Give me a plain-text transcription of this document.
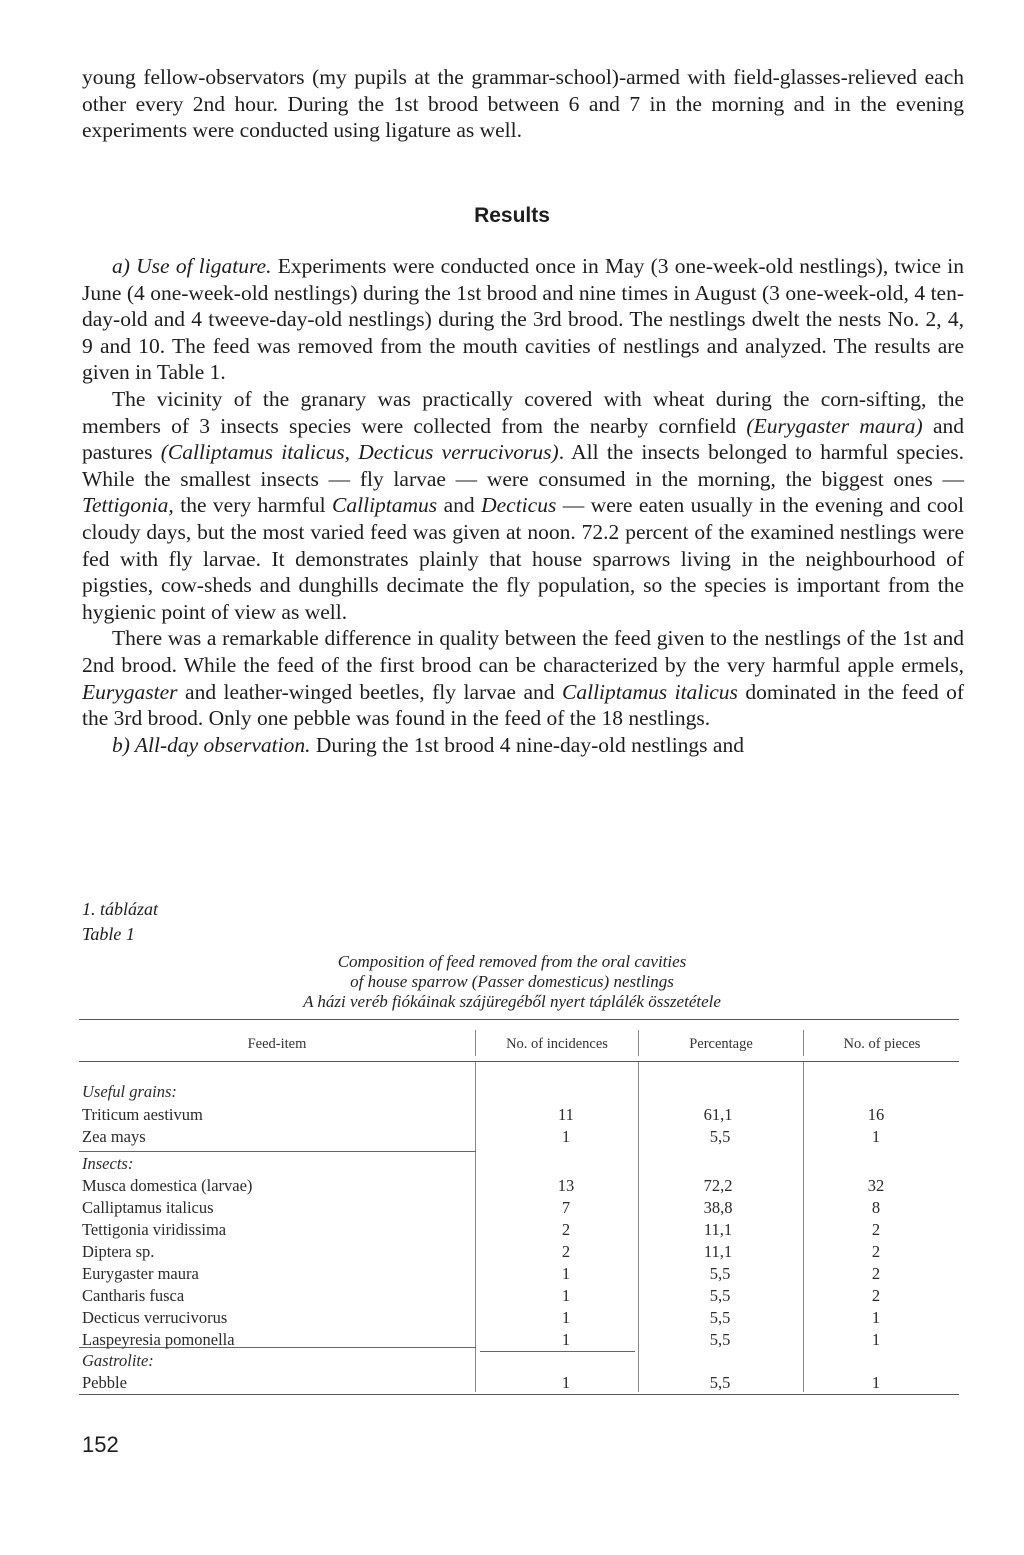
young fellow-observators (my pupils at the grammar-school)-armed with field-glasses-relieved each other every 2nd hour. During the 1st brood between 6 and 7 in the morning and in the evening experiments were conducted using ligature as well.

Results

a) Use of ligature. Experiments were conducted once in May (3 one-week-old nestlings), twice in June (4 one-week-old nestlings) during the 1st brood and nine times in August (3 one-week-old, 4 ten-day-old and 4 tweeve-day-old nestlings) during the 3rd brood. The nestlings dwelt the nests No. 2, 4, 9 and 10. The feed was removed from the mouth cavities of nestlings and analyzed. The results are given in Table 1.

The vicinity of the granary was practically covered with wheat during the corn-sifting, the members of 3 insects species were collected from the nearby cornfield (Eurygaster maura) and pastures (Calliptamus italicus, Decticus verrucivorus). All the insects belonged to harmful species. While the smallest insects — fly larvae — were consumed in the morning, the biggest ones — Tettigonia, the very harmful Calliptamus and Decticus — were eaten usually in the evening and cool cloudy days, but the most varied feed was given at noon. 72.2 percent of the examined nestlings were fed with fly larvae. It demonstrates plainly that house sparrows living in the neighbourhood of pigsties, cow-sheds and dunghills decimate the fly population, so the species is important from the hygienic point of view as well.

There was a remarkable difference in quality between the feed given to the nestlings of the 1st and 2nd brood. While the feed of the first brood can be characterized by the very harmful apple ermels, Eurygaster and leather-winged beetles, fly larvae and Calliptamus italicus dominated in the feed of the 3rd brood. Only one pebble was found in the feed of the 18 nestlings.

b) All-day observation. During the 1st brood 4 nine-day-old nestlings and

1. táblázat
Table 1
Composition of feed removed from the oral cavities
of house sparrow (Passer domesticus) nestlings
A házi veréb fiókáinak szájüregéből nyert táplálék összetétele
Feed-item	No. of incidences	Percentage	No. of pieces
Useful grains:
Triticum aestivum	11	61,1	16
Zea mays	1	5,5	1
Insects:
Musca domestica (larvae)	13	72,2	32
Calliptamus italicus	7	38,8	8
Tettigonia viridissima	2	11,1	2
Diptera sp.	2	11,1	2
Eurygaster maura	1	5,5	2
Cantharis fusca	1	5,5	2
Decticus verrucivorus	1	5,5	1
Laspeyresia pomonella	1	5,5	1
Gastrolite:
Pebble	1	5,5	1
152
